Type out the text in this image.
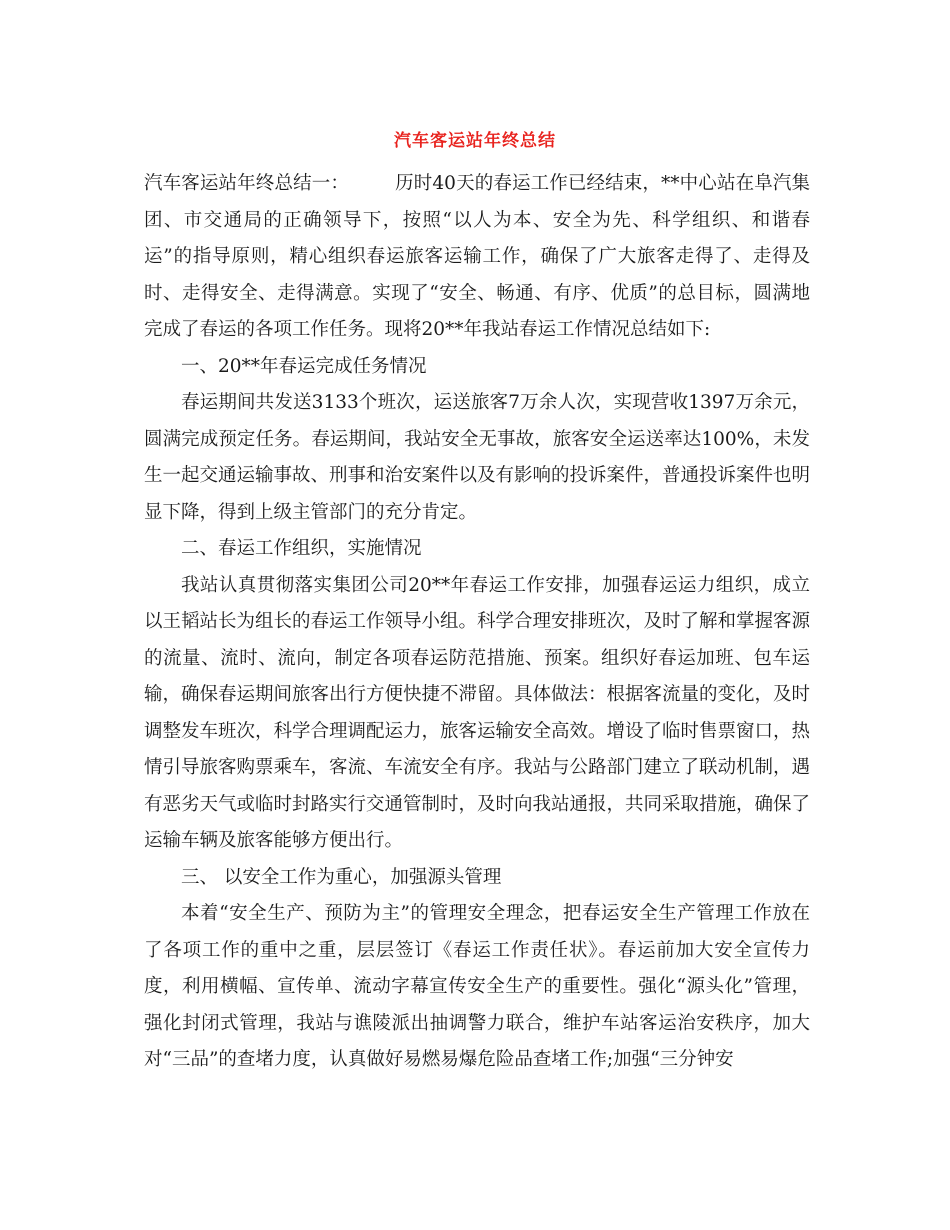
汽车客运站年终总结

汽车客运站年终总结一： 历时40天的春运工作已经结束，**中心站在阜汽集团、市交通局的正确领导下，按照“以人为本、安全为先、科学组织、和谐春运”的指导原则，精心组织春运旅客运输工作，确保了广大旅客走得了、走得及时、走得安全、走得满意。实现了“安全、畅通、有序、优质”的总目标，圆满地完成了春运的各项工作任务。现将20**年我站春运工作情况总结如下:

一、20**年春运完成任务情况

春运期间共发送3133个班次，运送旅客7万余人次，实现营收1397万余元，圆满完成预定任务。春运期间，我站安全无事故，旅客安全运送率达100%，未发生一起交通运输事故、刑事和治安案件以及有影响的投诉案件，普通投诉案件也明显下降，得到上级主管部门的充分肯定。

二、春运工作组织，实施情况

我站认真贯彻落实集团公司20**年春运工作安排，加强春运运力组织，成立以王韬站长为组长的春运工作领导小组。科学合理安排班次，及时了解和掌握客源的流量、流时、流向，制定各项春运防范措施、预案。组织好春运加班、包车运输，确保春运期间旅客出行方便快捷不滞留。具体做法：根据客流量的变化，及时调整发车班次，科学合理调配运力，旅客运输安全高效。增设了临时售票窗口，热情引导旅客购票乘车，客流、车流安全有序。我站与公路部门建立了联动机制，遇有恶劣天气或临时封路实行交通管制时，及时向我站通报，共同采取措施，确保了运输车辆及旅客能够方便出行。

三、 以安全工作为重心，加强源头管理

本着“安全生产、预防为主”的管理安全理念，把春运安全生产管理工作放在了各项工作的重中之重，层层签订《春运工作责任状》。春运前加大安全宣传力度，利用横幅、宣传单、流动字幕宣传安全生产的重要性。强化“源头化”管理，强化封闭式管理，我站与谯陵派出抽调警力联合，维护车站客运治安秩序，加大对“三品”的查堵力度，认真做好易燃易爆危险品查堵工作;加强“三分钟安
